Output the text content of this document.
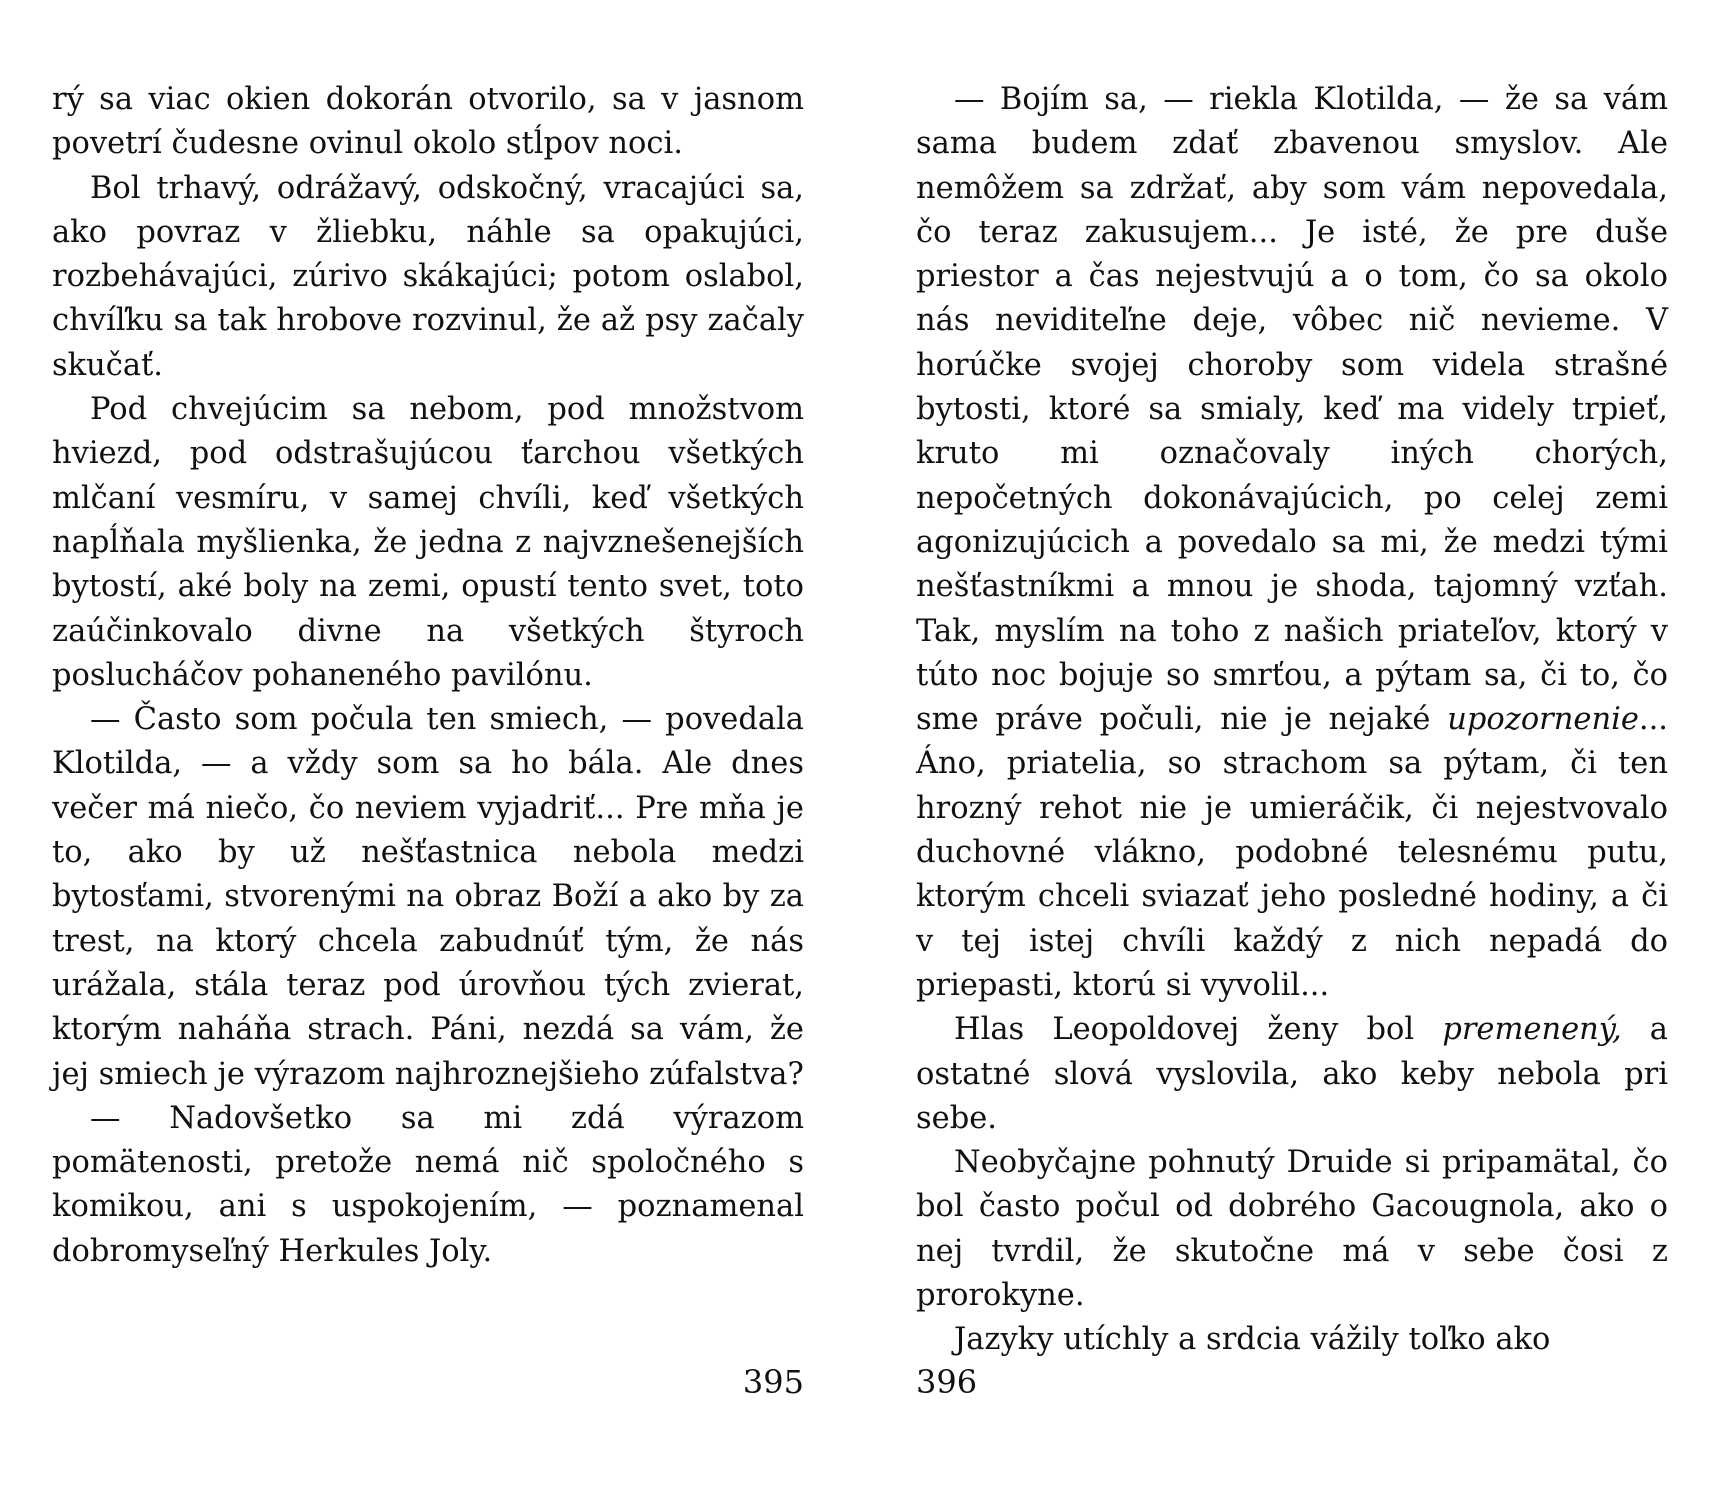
rý sa viac okien dokorán otvorilo, sa v jasnom povetrí čudesne ovinul okolo stĺpov noci.

Bol trhavý, odrážavý, odskočný, vracajúci sa, ako povraz v žliebku, náhle sa opakujúci, rozbehávajúci, zúrivo skákajúci; potom oslabol, chvíľku sa tak hrobove rozvinul, že až psy začaly skučať.

Pod chvejúcim sa nebom, pod množstvom hviezd, pod odstrašujúcou ťarchou všetkých mlčaní vesmíru, v samej chvíli, keď všetkých napĺňala myšlienka, že jedna z najvznešenejších bytostí, aké boly na zemi, opustí tento svet, toto zaúčinkovalo divne na všetkých štyroch poslucháčov pohaneného pavilónu.

— Často som počula ten smiech, — povedala Klotilda, — a vždy som sa ho bála. Ale dnes večer má niečo, čo neviem vyjadriť... Pre mňa je to, ako by už nešťastnica nebola medzi bytosťami, stvorenými na obraz Boží a ako by za trest, na ktorý chcela zabudnúť tým, že nás urážala, stála teraz pod úrovňou tých zvierat, ktorým naháňa strach. Páni, nezdá sa vám, že jej smiech je výrazom najhroznejšieho zúfalstva?

— Nadovšetko sa mi zdá výrazom pomätenosti, pretože nemá nič spoločného s komikou, ani s uspokojením, — poznamenal dobromyseľný Herkules Joly.

395

— Bojím sa, — riekla Klotilda, — že sa vám sama budem zdať zbavenou smyslov. Ale nemôžem sa zdržať, aby som vám nepovedala, čo teraz zakusujem... Je isté, že pre duše priestor a čas nejestvujú a o tom, čo sa okolo nás neviditeľne deje, vôbec nič nevieme. V horúčke svojej choroby som videla strašné bytosti, ktoré sa smialy, keď ma videly trpieť, kruto mi označovaly iných chorých, nepočetných dokonávajúcich, po celej zemi agonizujúcich a povedalo sa mi, že medzi tými nešťastníkmi a mnou je shoda, tajomný vzťah. Tak, myslím na toho z našich priateľov, ktorý v túto noc bojuje so smrťou, a pýtam sa, či to, čo sme práve počuli, nie je nejaké upozornenie... Áno, priatelia, so strachom sa pýtam, či ten hrozný rehot nie je umieráčik, či nejestvovalo duchovné vlákno, podobné telesnému putu, ktorým chceli sviazať jeho posledné hodiny, a či v tej istej chvíli každý z nich nepadá do priepasti, ktorú si vyvolil...

Hlas Leopoldovej ženy bol premenený, a ostatné slová vyslovila, ako keby nebola pri sebe.

Neobyčajne pohnutý Druide si pripamätal, čo bol často počul od dobrého Gacougnola, ako o nej tvrdil, že skutočne má v sebe čosi z prorokyne.

Jazyky utíchly a srdcia vážily toľko ako

396
